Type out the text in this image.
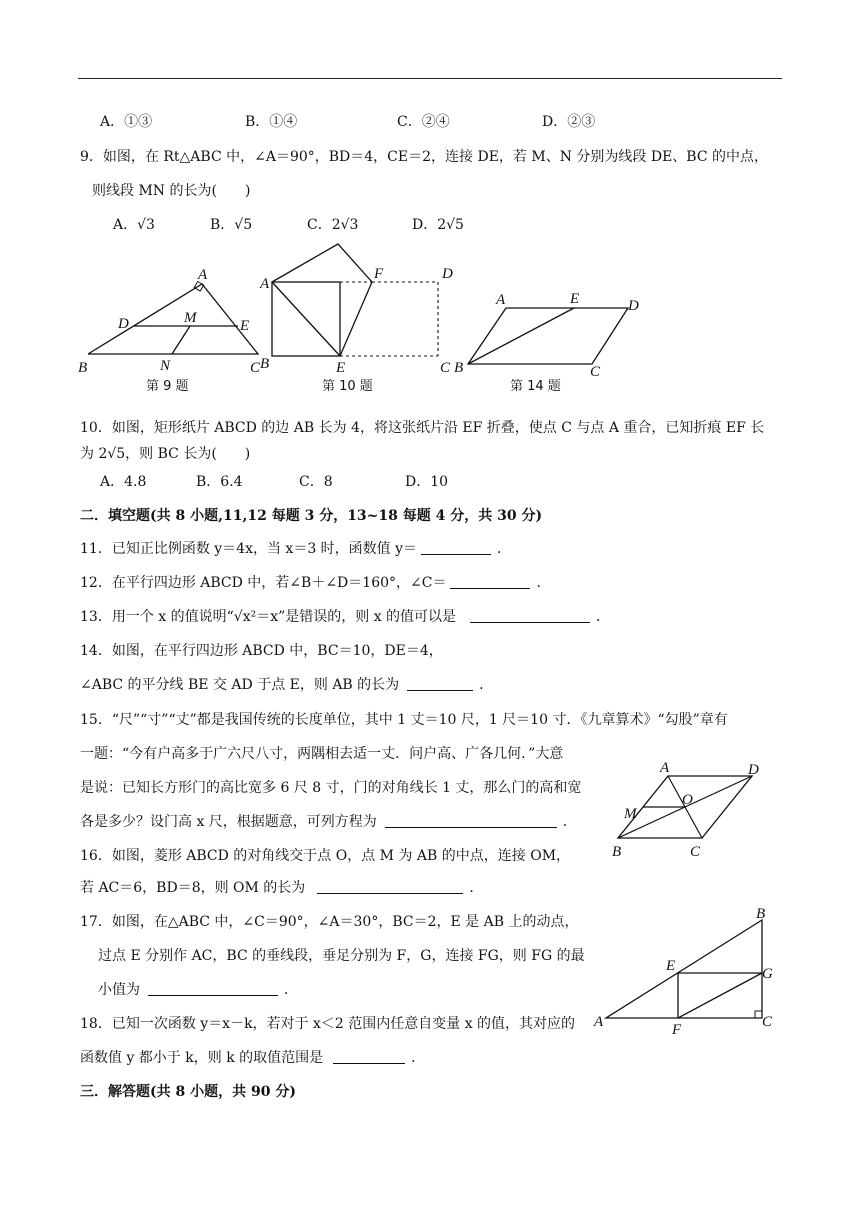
A．①③	B．①④	C．②④	D．②③
9．如图，在 Rt△ABC 中，∠A＝90°，BD＝4，CE＝2，连接 DE，若 M、N 分别为线段 DE、BC 的中点，
则线段 MN 的长为(　　)
A．√3	B．√5	C．2√3	D．2√5
A
D	M	E
B	N	C
第 9 题
A
F	D
B	E	C
第 10 题
A	E	D
B	C
第 14 题
10．如图，矩形纸片 ABCD 的边 AB 长为 4，将这张纸片沿 EF 折叠，使点 C 与点 A 重合，已知折痕 EF 长
为 2√5，则 BC 长为(　　)
A．4.8	B．6.4	C．8	D．10
二．填空题(共 8 小题,11,12 每题 3 分，13~18 每题 4 分，共 30 分)
11．已知正比例函数 y＝4x，当 x＝3 时，函数值 y＝	．
12．在平行四边形 ABCD 中，若∠B＋∠D＝160°，∠C＝	．
13．用一个 x 的值说明“√x²＝x”是错误的，则 x 的值可以是	．
14．如图，在平行四边形 ABCD 中，BC＝10，DE＝4，
∠ABC 的平分线 BE 交 AD 于点 E，则 AB 的长为	．
15．“尺”“寸”“丈”都是我国传统的长度单位，其中 1 丈＝10 尺，1 尺＝10 寸．《九章算术》“勾股”章有
一题：“今有户高多于广六尺八寸，两隅相去适一丈．问户高、广各几何．”大意
是说：已知长方形门的高比宽多 6 尺 8 寸，门的对角线长 1 丈，那么门的高和宽
各是多少？设门高 x 尺，根据题意，可列方程为	．
A	D
M
O
B	C
16．如图，菱形 ABCD 的对角线交于点 O，点 M 为 AB 的中点，连接 OM，
若 AC＝6，BD＝8，则 OM 的长为	．
17．如图，在△ABC 中，∠C＝90°，∠A＝30°，BC＝2，E 是 AB 上的动点，
过点 E 分别作 AC，BC 的垂线段，垂足分别为 F，G，连接 FG，则 FG 的最
小值为	．
B
E	G
A	F	C
18．已知一次函数 y＝x－k，若对于 x＜2 范围内任意自变量 x 的值，其对应的
函数值 y 都小于 k，则 k 的取值范围是	．
三．解答题(共 8 小题，共 90 分)
